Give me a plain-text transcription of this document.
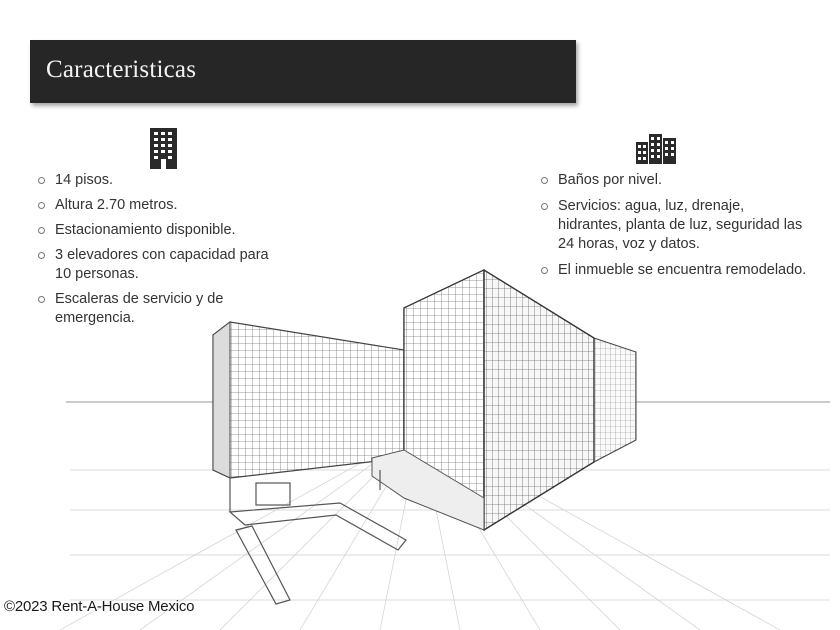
Caracteristicas
14 pisos.
Altura 2.70 metros.
Estacionamiento disponible.
3 elevadores con capacidad para 10 personas.
Escaleras de servicio y de emergencia.
Baños por nivel.
Servicios: agua, luz, drenaje, hidrantes, planta de luz, seguridad las 24 horas, voz y datos.
El inmueble se encuentra remodelado.
©2023 Rent-A-House Mexico
